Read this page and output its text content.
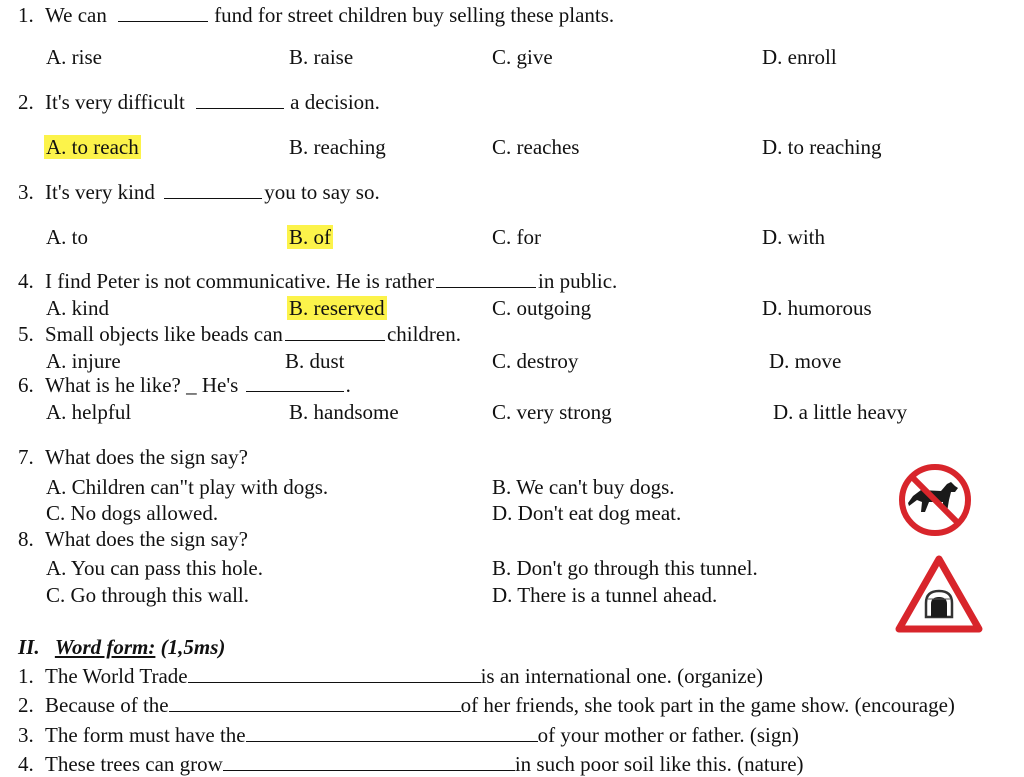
1. We can	fund for street children buy selling these plants.
A. rise	B. raise	C. give	D. enroll
2. It's very difficult	a decision.
A. to reach	B. reaching	C. reaches	D. to reaching
3. It's very kind	you to say so.
A. to	B. of	C. for	D. with
4. I find Peter is not communicative. He is rather	in public.
A. kind	B. reserved	C. outgoing	D. humorous
5. Small objects like beads can	children.
A. injure	B. dust	C. destroy	D. move
6. What is he like? _ He's	.
A. helpful	B. handsome	C. very strong	D. a little heavy
7. What does the sign say?
A. Children can"t play with dogs.	B. We can't buy dogs.
C. No dogs allowed.	D. Don't eat dog meat.
8. What does the sign say?
A. You can pass this hole.	B. Don't go through this tunnel.
C. Go through this wall.	D. There is a tunnel ahead.
II. Word form: (1,5ms)
1. The World Trade	is an international one. (organize)
2. Because of the	of her friends, she took part in the game show. (encourage)
3. The form must have the	of your mother or father. (sign)
4. These trees can grow	in such poor soil like this. (nature)
